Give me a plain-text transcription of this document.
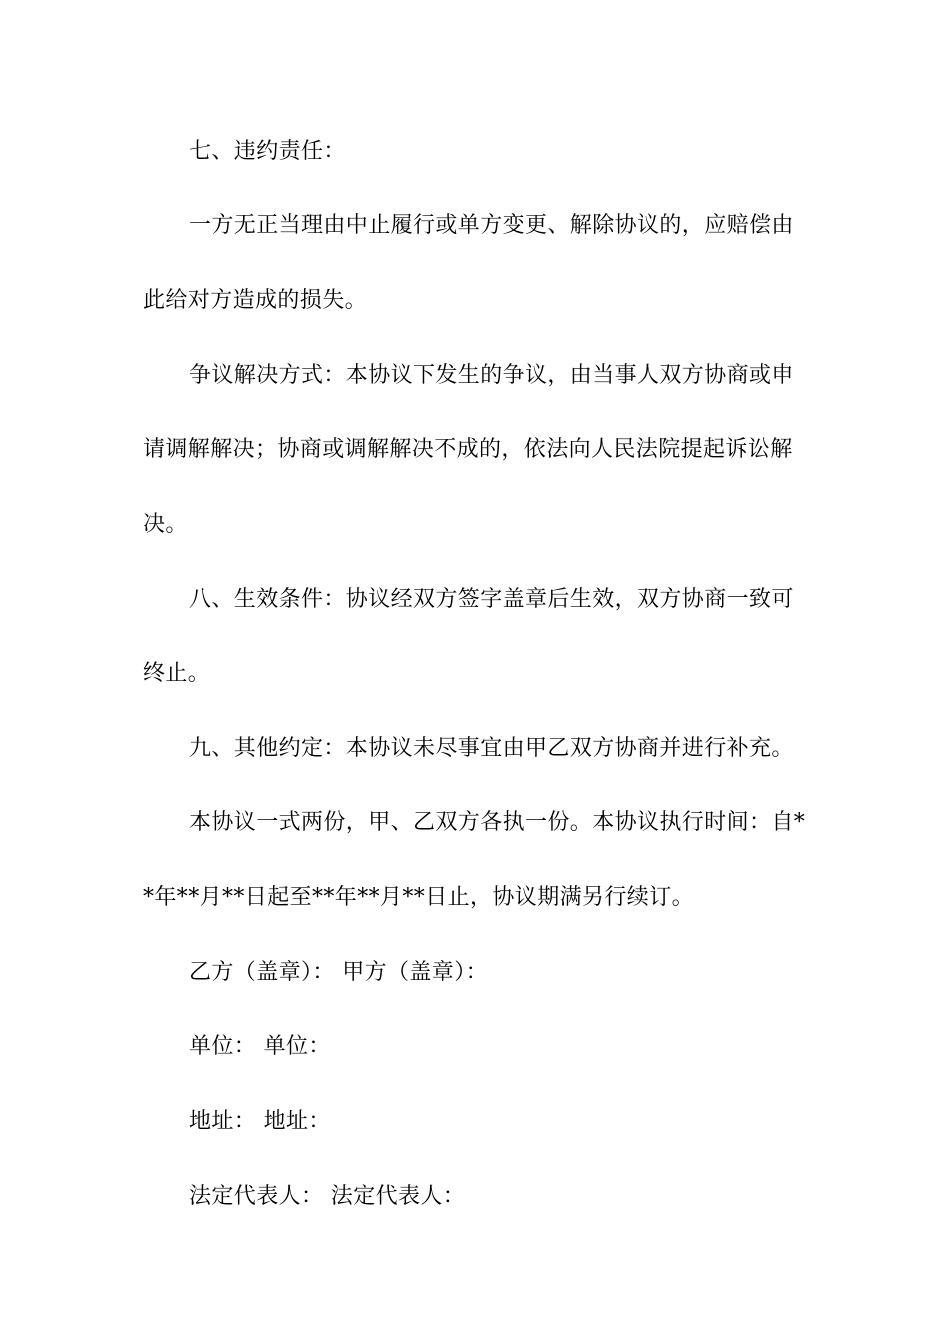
七、违约责任：
一方无正当理由中止履行或单方变更、解除协议的，应赔偿由
此给对方造成的损失。
争议解决方式：本协议下发生的争议，由当事人双方协商或申
请调解解决；协商或调解解决不成的，依法向人民法院提起诉讼解
决。
八、生效条件：协议经双方签字盖章后生效，双方协商一致可
终止。
九、其他约定：本协议未尽事宜由甲乙双方协商并进行补充。
本协议一式两份，甲、乙双方各执一份。本协议执行时间：自*
*年**月**日起至**年**月**日止，协议期满另行续订。
乙方（盖章）： 甲方（盖章）：
单位： 单位：
地址： 地址：
法定代表人： 法定代表人：
